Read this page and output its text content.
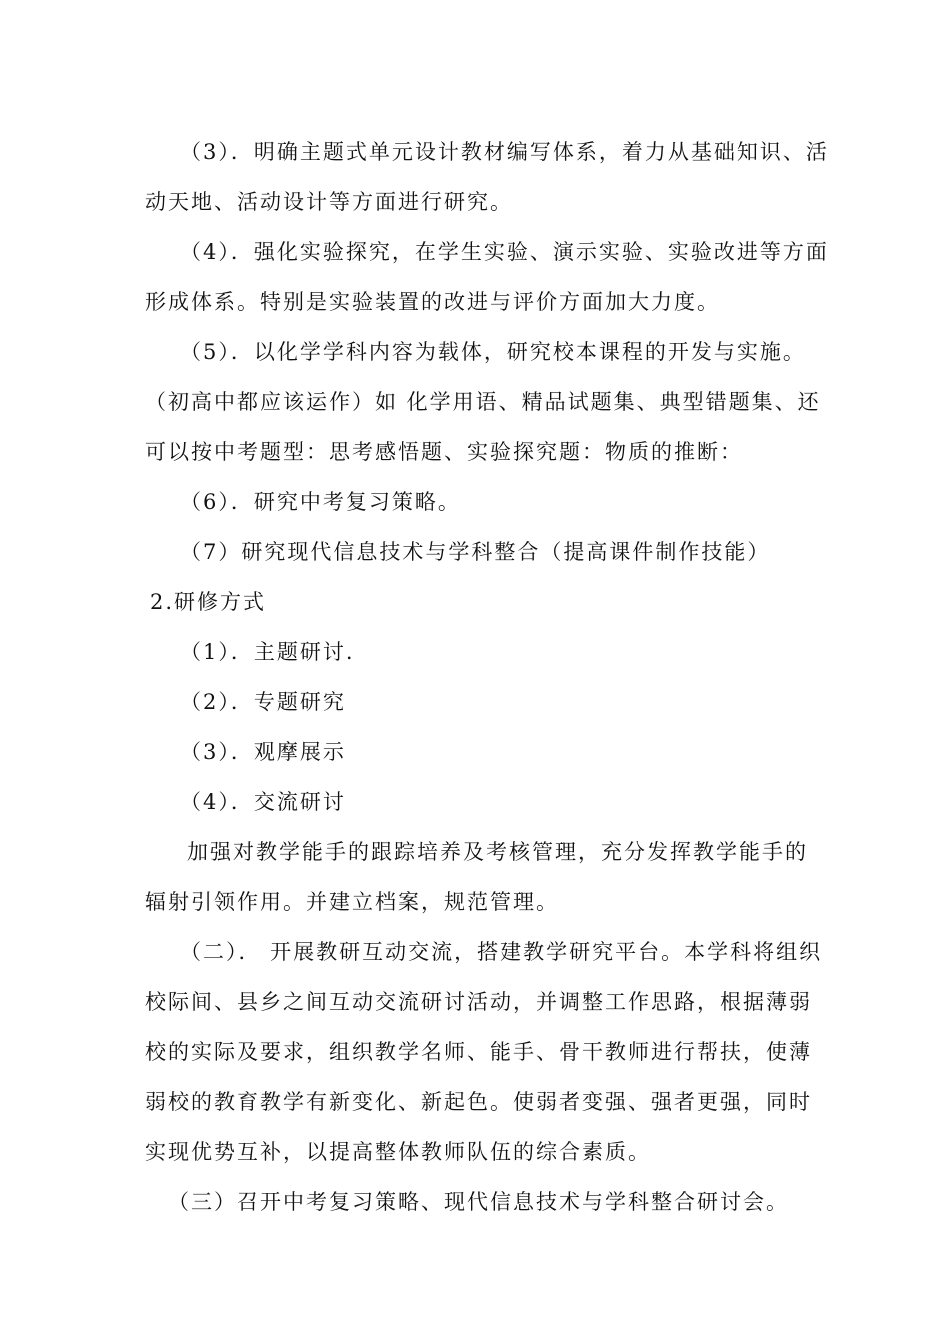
（3）．明确主题式单元设计教材编写体系，着力从基础知识、活
动天地、活动设计等方面进行研究。
（4）．强化实验探究，在学生实验、演示实验、实验改进等方面
形成体系。特别是实验装置的改进与评价方面加大力度。
（5）．以化学学科内容为载体，研究校本课程的开发与实施。
（初高中都应该运作）如 化学用语、精品试题集、典型错题集、还
可以按中考题型：思考感悟题、实验探究题：物质的推断：
（6）．研究中考复习策略。
（7）研究现代信息技术与学科整合（提高课件制作技能）
2.研修方式
（1）．主题研讨.
（2）．专题研究
（3）．观摩展示
（4）．交流研讨
加强对教学能手的跟踪培养及考核管理，充分发挥教学能手的
辐射引领作用。并建立档案，规范管理。
（二）． 开展教研互动交流，搭建教学研究平台。本学科将组织
校际间、县乡之间互动交流研讨活动，并调整工作思路，根据薄弱
校的实际及要求，组织教学名师、能手、骨干教师进行帮扶，使薄
弱校的教育教学有新变化、新起色。使弱者变强、强者更强，同时
实现优势互补，以提高整体教师队伍的综合素质。
（三）召开中考复习策略、现代信息技术与学科整合研讨会。
